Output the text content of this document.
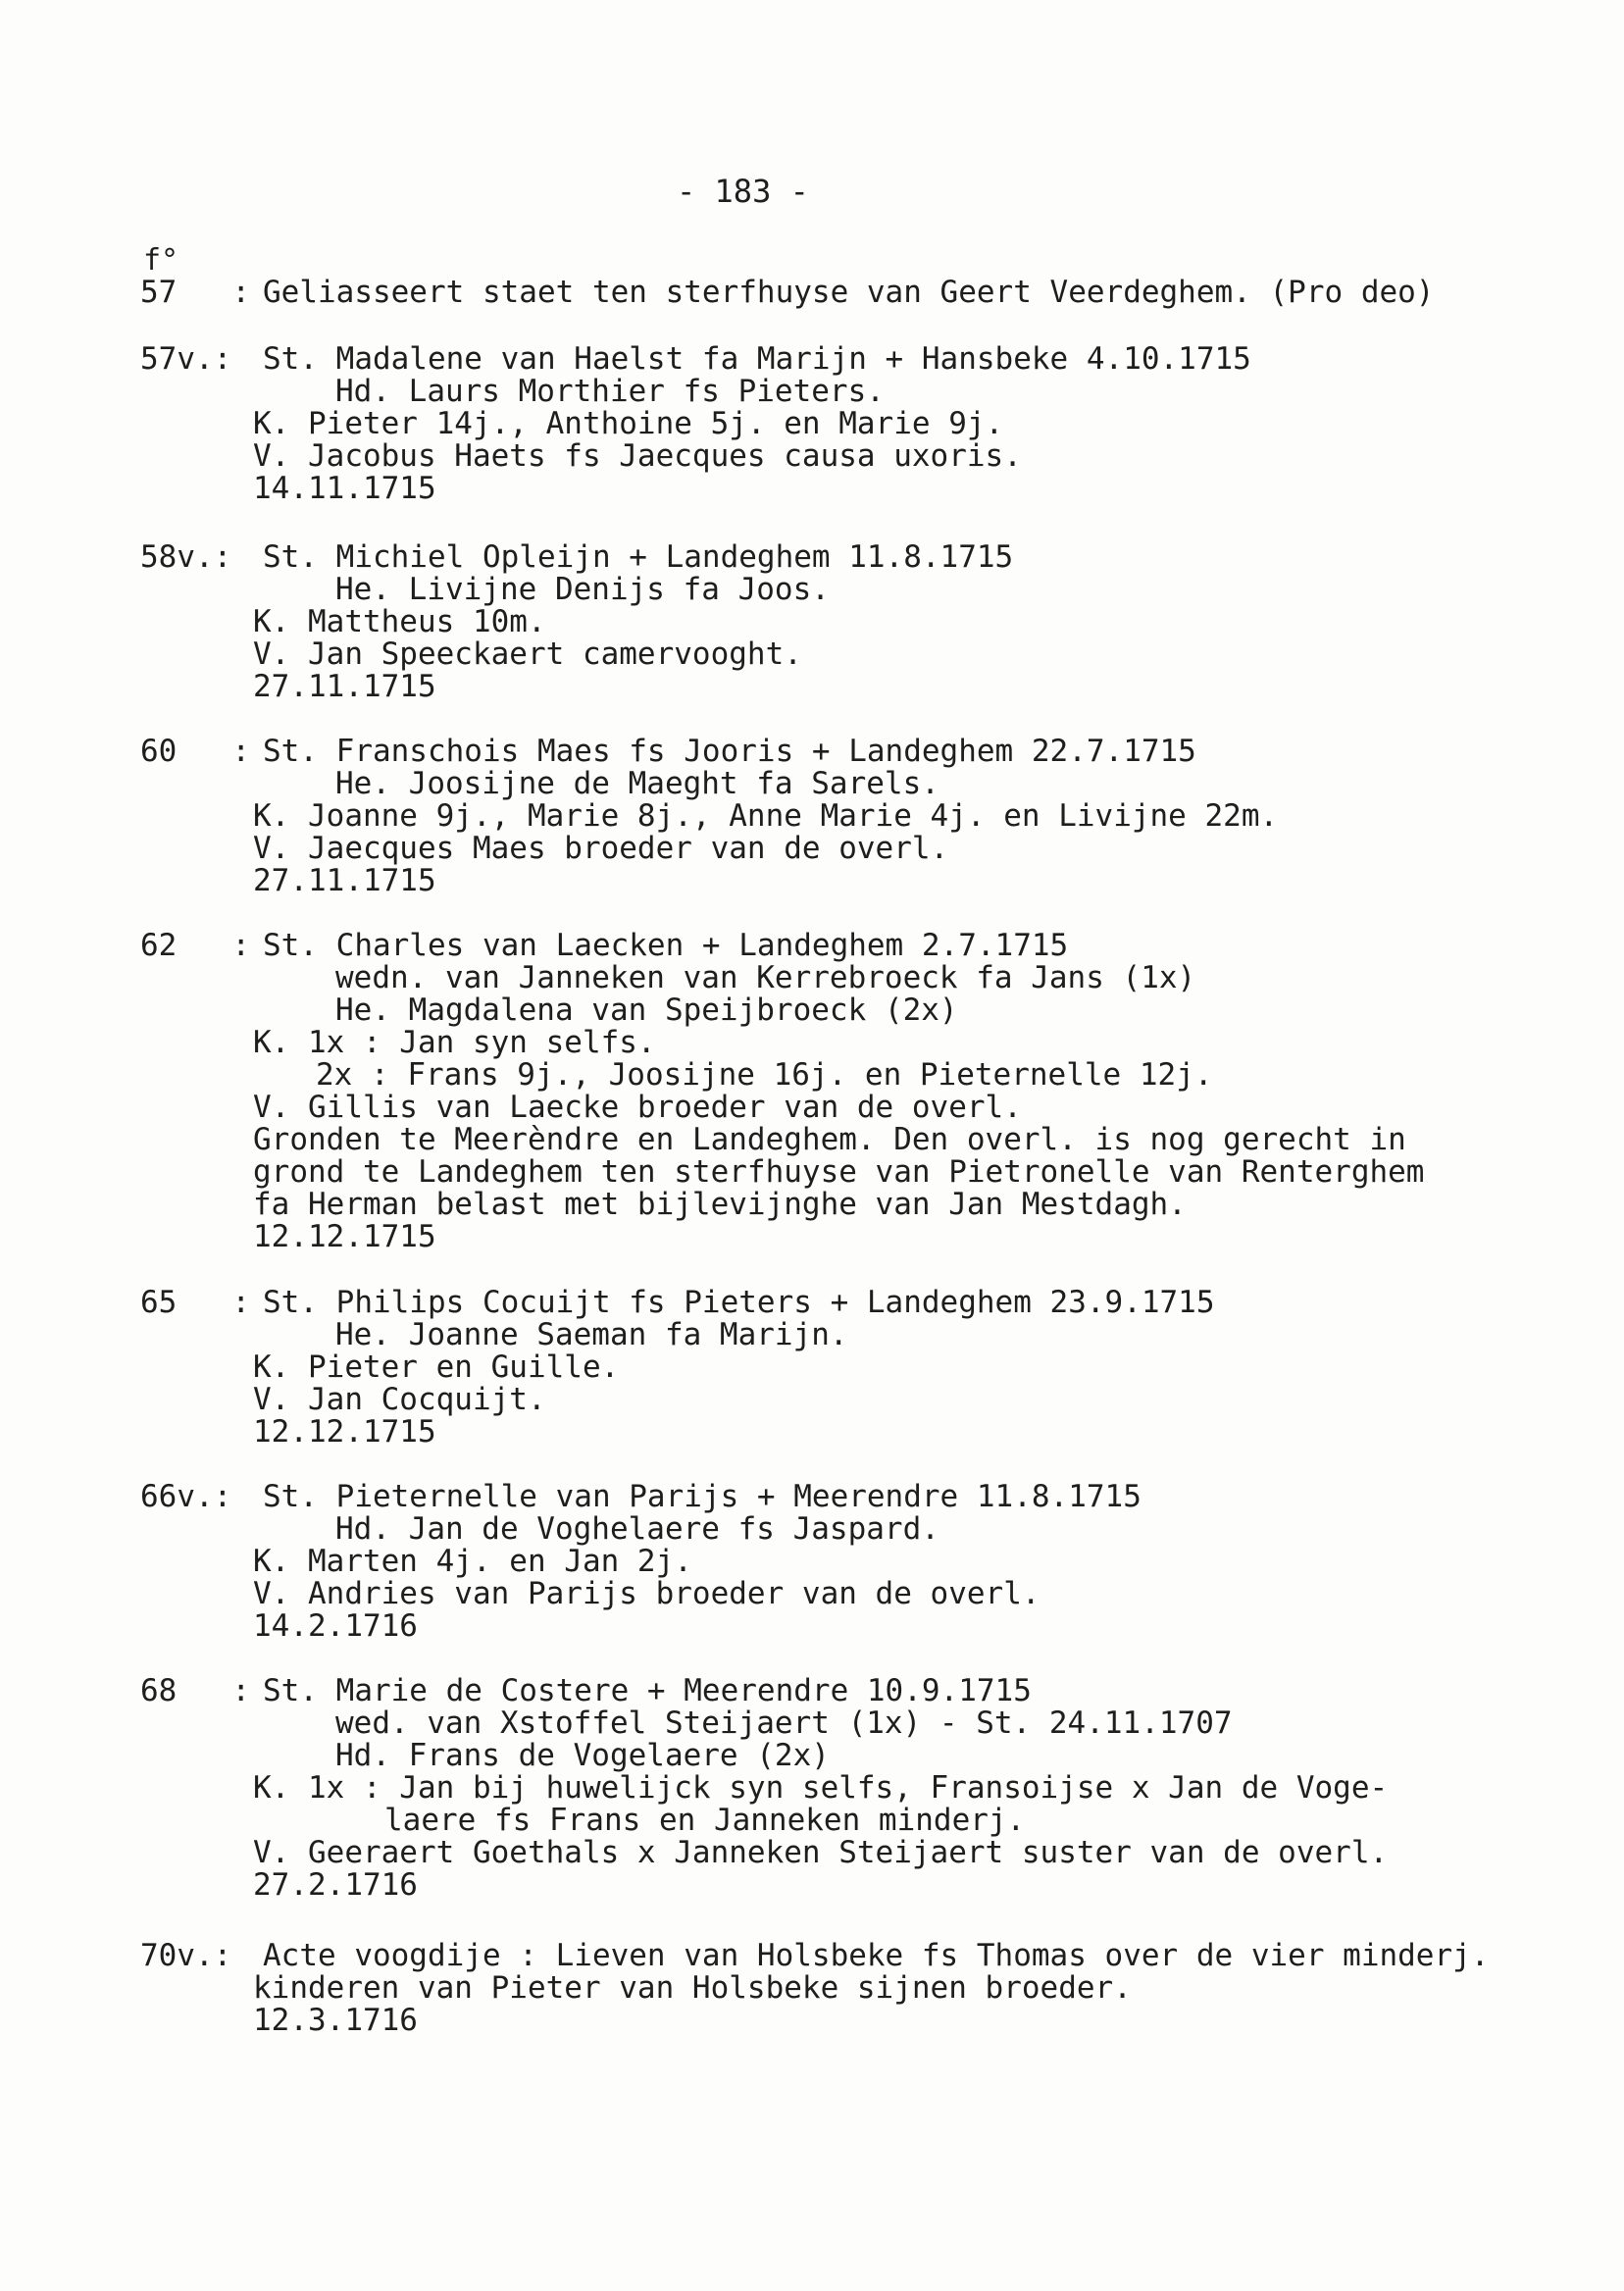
- 183 -
f°
57   : Geliasseert staet ten sterfhuyse van Geert Veerdeghem. (Pro deo)
57v.:	St. Madalene van Haelst fa Marijn + Hansbeke 4.10.1715
Hd. Laurs Morthier fs Pieters.
K. Pieter 14j., Anthoine 5j. en Marie 9j.
V. Jacobus Haets fs Jaecques causa uxoris.
14.11.1715
58v.:	St. Michiel Opleijn + Landeghem 11.8.1715
He. Livijne Denijs fa Joos.
K. Mattheus 10m.
V. Jan Speeckaert camervooght.
27.11.1715
60   : St. Franschois Maes fs Jooris + Landeghem 22.7.1715
He. Joosijne de Maeght fa Sarels.
K. Joanne 9j., Marie 8j., Anne Marie 4j. en Livijne 22m.
V. Jaecques Maes broeder van de overl.
27.11.1715
62   : St. Charles van Laecken + Landeghem 2.7.1715
wedn. van Janneken van Kerrebroeck fa Jans (1x)
He. Magdalena van Speijbroeck (2x)
K. 1x : Jan syn selfs.
2x : Frans 9j., Joosijne 16j. en Pieternelle 12j.
V. Gillis van Laecke broeder van de overl.
Gronden te Meerèndre en Landeghem. Den overl. is nog gerecht in
grond te Landeghem ten sterfhuyse van Pietronelle van Renterghem
fa Herman belast met bijlevijnghe van Jan Mestdagh.
12.12.1715
65   : St. Philips Cocuijt fs Pieters + Landeghem 23.9.1715
He. Joanne Saeman fa Marijn.
K. Pieter en Guille.
V. Jan Cocquijt.
12.12.1715
66v.:	St. Pieternelle van Parijs + Meerendre 11.8.1715
Hd. Jan de Voghelaere fs Jaspard.
K. Marten 4j. en Jan 2j.
V. Andries van Parijs broeder van de overl.
14.2.1716
68   : St. Marie de Costere + Meerendre 10.9.1715
wed. van Xstoffel Steijaert (1x) - St. 24.11.1707
Hd. Frans de Vogelaere (2x)
K. 1x : Jan bij huwelijck syn selfs, Fransoijse x Jan de Voge-
laere fs Frans en Janneken minderj.
V. Geeraert Goethals x Janneken Steijaert suster van de overl.
27.2.1716
70v.:	Acte voogdije : Lieven van Holsbeke fs Thomas over de vier minderj.
kinderen van Pieter van Holsbeke sijnen broeder.
12.3.1716
